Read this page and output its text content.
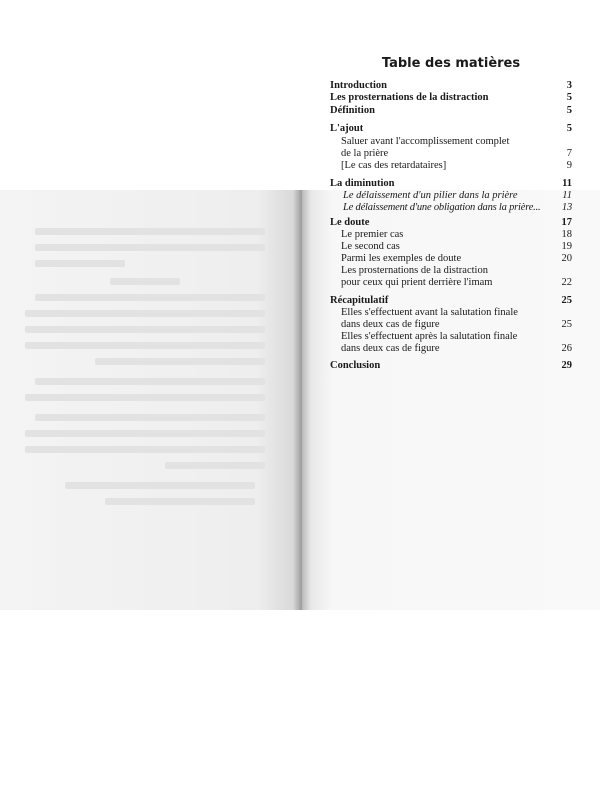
Table des matières
Introduction	3
Les prosternations de la distraction	5
Définition	5
L'ajout	5
Saluer avant l'accomplissement complet
de la prière	7
[Le cas des retardataires]	9
La diminution	11
Le délaissement d'un pilier dans la prière	11
Le délaissement d'une obligation dans la prière... 13
Le doute	17
Le premier cas	18
Le second cas	19
Parmi les exemples de doute	20
Les prosternations de la distraction
pour ceux qui prient derrière l'imam	22
Récapitulatif	25
Elles s'effectuent avant la salutation finale
dans deux cas de figure	25
Elles s'effectuent après la salutation finale
dans deux cas de figure	26
Conclusion	29
